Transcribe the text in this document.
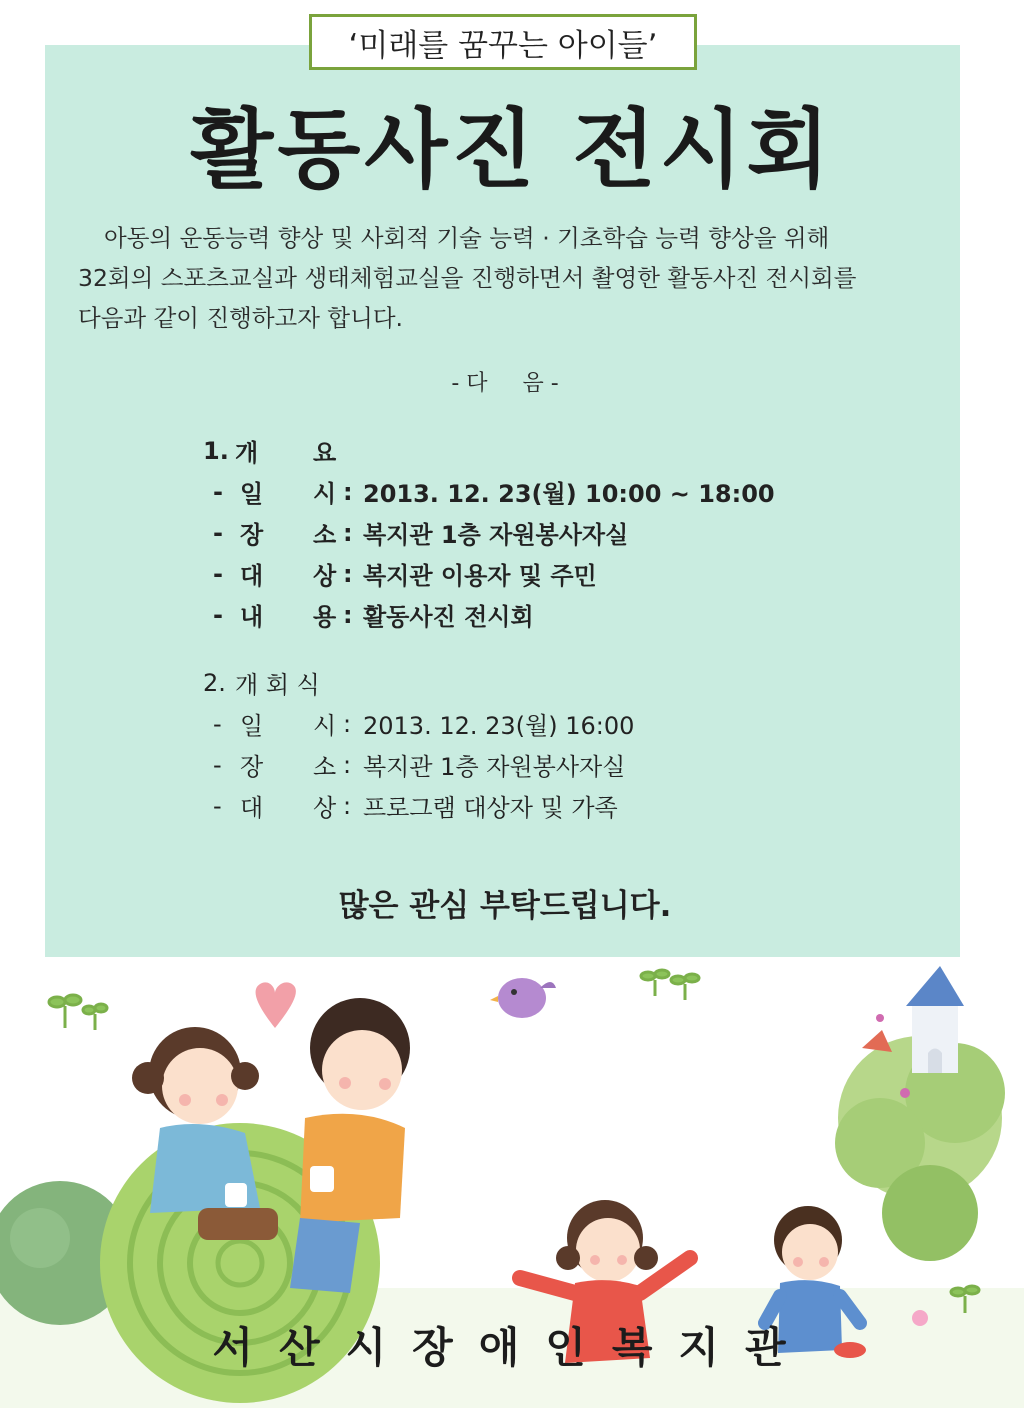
‘미래를 꿈꾸는 아이들’
활동사진 전시회

아동의 운동능력 향상 및 사회적 기술 능력 · 기초학습 능력 향상을 위해

32회의 스포츠교실과 생태체험교실을 진행하면서 촬영한 활동사진 전시회를

다음과 같이 진행하고자 합니다.

- 다     음 -
1. 개	요
- 일	시 : 2013. 12. 23(월) 10:00 ~ 18:00
- 장	소 : 복지관 1층 자원봉사자실
- 대	상 : 복지관 이용자 및 주민
- 내	용 : 활동사진 전시회
2. 개 회 식
- 일	시 : 2013. 12. 23(월) 16:00
- 장	소 : 복지관 1층 자원봉사자실
- 대	상 : 프로그램 대상자 및 가족
많은 관심 부탁드립니다.
서산시장애인복지관
